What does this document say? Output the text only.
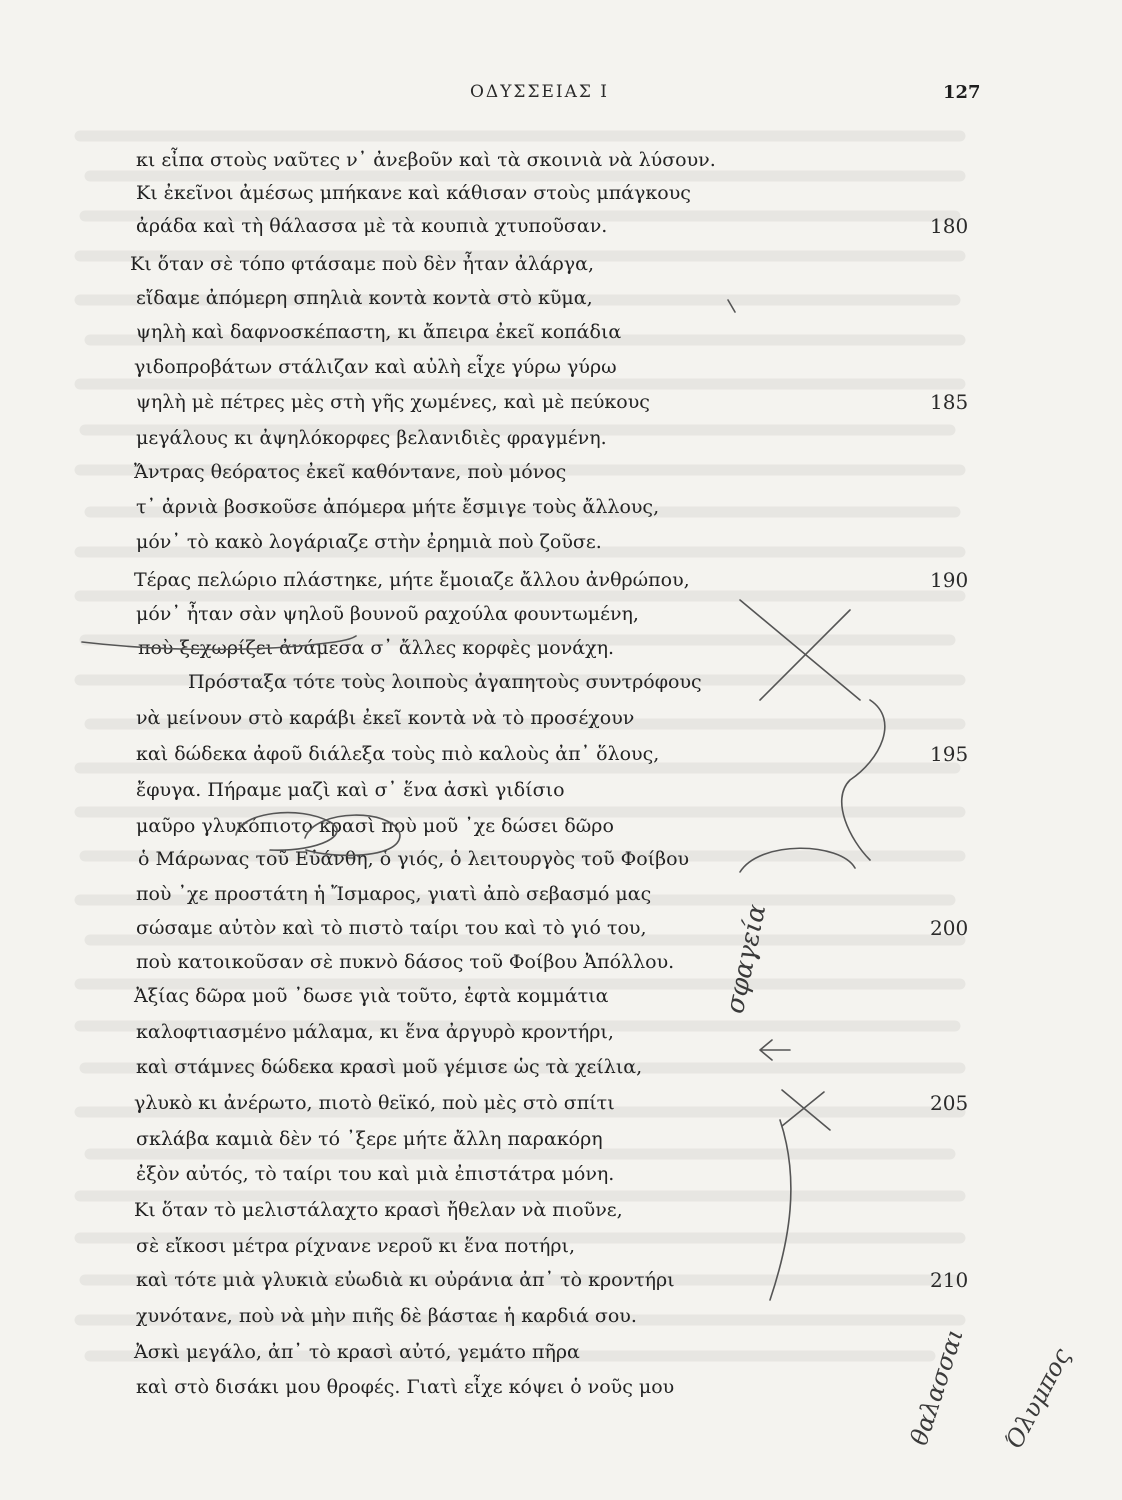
ΟΔΥΣΣΕΙΑΣ Ι	127
κι εἶπα στοὺς ναῦτες ν᾽ ἀνεβοῦν καὶ τὰ σκοινιὰ νὰ λύσουν.
Κι ἐκεῖνοι ἀμέσως μπήκανε καὶ κάθισαν στοὺς μπάγκους
ἀράδα καὶ τὴ θάλασσα μὲ τὰ κουπιὰ χτυποῦσαν.	180
Κι ὅταν σὲ τόπο φτάσαμε ποὺ δὲν ἦταν ἀλάργα,
εἴδαμε ἀπόμερη σπηλιὰ κοντὰ κοντὰ στὸ κῦμα,
ψηλὴ καὶ δαφνοσκέπαστη, κι ἄπειρα ἐκεῖ κοπάδια
γιδοπροβάτων στάλιζαν καὶ αὐλὴ εἶχε γύρω γύρω
ψηλὴ μὲ πέτρες μὲς στὴ γῆς χωμένες, καὶ μὲ πεύκους	185
μεγάλους κι ἀψηλόκορφες βελανιδιὲς φραγμένη.
Ἄντρας θεόρατος ἐκεῖ καθόντανε, ποὺ μόνος
τ᾽ ἀρνιὰ βοσκοῦσε ἀπόμερα μήτε ἔσμιγε τοὺς ἄλλους,
μόν᾽ τὸ κακὸ λογάριαζε στὴν ἐρημιὰ ποὺ ζοῦσε.
Τέρας πελώριο πλάστηκε, μήτε ἔμοιαζε ἄλλου ἀνθρώπου,	190
μόν᾽ ἦταν σὰν ψηλοῦ βουνοῦ ραχούλα φουντωμένη,
ποὺ ξεχωρίζει ἀνάμεσα σ᾽ ἄλλες κορφὲς μονάχη.
Πρόσταξα τότε τοὺς λοιποὺς ἀγαπητοὺς συντρόφους
νὰ μείνουν στὸ καράβι ἐκεῖ κοντὰ νὰ τὸ προσέχουν
καὶ δώδεκα ἀφοῦ διάλεξα τοὺς πιὸ καλοὺς ἀπ᾽ ὅλους,	195
ἔφυγα. Πήραμε μαζὶ καὶ σ᾽ ἕνα ἀσκὶ γιδίσιο
μαῦρο γλυκόπιοτο κρασὶ ποὺ μοῦ ᾽χε δώσει δῶρο
ὁ Μάρωνας τοῦ Εὐάνθη, ὁ γιός, ὁ λειτουργὸς τοῦ Φοίβου
ποὺ ᾽χε προστάτη ἡ Ἴσμαρος, γιατὶ ἀπὸ σεβασμό μας
σώσαμε αὐτὸν καὶ τὸ πιστὸ ταίρι του καὶ τὸ γιό του,	200
ποὺ κατοικοῦσαν σὲ πυκνὸ δάσος τοῦ Φοίβου Ἀπόλλου.
Ἀξίας δῶρα μοῦ ᾽δωσε γιὰ τοῦτο, ἐφτὰ κομμάτια
καλοφτιασμένο μάλαμα, κι ἕνα ἀργυρὸ κροντήρι,
καὶ στάμνες δώδεκα κρασὶ μοῦ γέμισε ὡς τὰ χείλια,
γλυκὸ κι ἀνέρωτο, πιοτὸ θεϊκό, ποὺ μὲς στὸ σπίτι	205
σκλάβα καμιὰ δὲν τό ᾽ξερε μήτε ἄλλη παρακόρη
ἐξὸν αὐτός, τὸ ταίρι του καὶ μιὰ ἐπιστάτρα μόνη.
Κι ὅταν τὸ μελιστάλαχτο κρασὶ ἤθελαν νὰ πιοῦνε,
σὲ εἴκοσι μέτρα ρίχνανε νεροῦ κι ἕνα ποτήρι,
καὶ τότε μιὰ γλυκιὰ εὐωδιὰ κι οὐράνια ἀπ᾽ τὸ κροντήρι	210
χυνότανε, ποὺ νὰ μὴν πιῆς δὲ βάσταε ἡ καρδιά σου.
Ἀσκὶ μεγάλο, ἀπ᾽ τὸ κρασὶ αὐτό, γεμάτο πῆρα
καὶ στὸ δισάκι μου θροφές. Γιατὶ εἶχε κόψει ὁ νοῦς μου
σφαγεία
θαλασσαι Όλυμπος
